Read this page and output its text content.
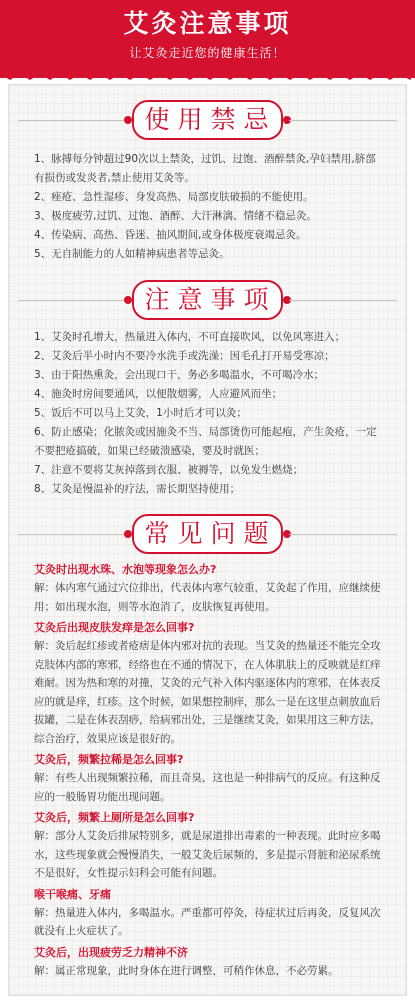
艾灸注意事项
让艾灸走近您的健康生活！
使用禁忌

1、脉搏每分钟超过90次以上禁灸，过饥、过饱、酒醉禁灸,孕妇禁用,脐部有损伤或发炎者,禁止使用艾灸等。

2、痤疮、急性湿疹、身发高热、局部皮肤破损的不能使用。

3、极度疲劳,过饥、过饱、酒醉、大汗淋漓、情绪不稳忌灸。

4、传染病、高热、昏迷、抽风期间,或身体极度衰竭忌灸。

5、无自制能力的人如精神病患者等忌灸。

注意事项

1、艾灸时孔增大，热量进入体内，不可直接吹风，以免风寒进入；

2、艾灸后半小时内不要冷水洗手或洗澡；因毛孔打开易受寒凉；

3、由于阳热熏灸，会出现口干，务必多喝温水，不可喝冷水；

4、施灸时房间要通风，以便散烟雾，人应避风而坐；

5、饭后不可以马上艾灸，1小时后才可以灸；

6、防止感染；化脓灸或因施灸不当、局部烫伤可能起疱，产生灸疮，一定不要把疮搞破，如果已经破溃感染，要及时就医；

7、注意不要将艾灰掉落到衣服、被褥等，以免发生燃烧；

8、艾灸是慢温补的疗法，需长期坚持使用；

常见问题
艾灸时出现水珠、水泡等现象怎么办?
解：体内寒气通过穴位排出，代表体内寒气较重，艾灸起了作用，应继续使用；如出现水泡，则等水泡消了，皮肤恢复再使用。
艾灸后出现皮肤发痒是怎么回事?
解：灸后起红疹或者疮痞是体内邪对抗的表现。当艾灸的热量还不能完全攻克肢体内部的寒邪，经络也在不通的情况下，在人体肌肤上的反映就是红痒难耐。因为热和寒的对撞，艾灸的元气补入体内驱逐体内的寒邪，在体表反应的就是痒，红疹。这个时候，如果想控制痒，那么一是在这里点刺放血后拔罐，二是在体表刮痧，给病邪出处，三是继续艾灸，如果用这三种方法，综合治疗，效果应该是很好的。
艾灸后，频繁拉稀是怎么回事?
解：有些人出现频繁拉稀，而且奇臭，这也是一种排病气的反应。有这种反应的一般肠胃功能出现问题。
艾灸后，频繁上厕所是怎么回事?
解：部分人艾灸后排尿特别多，就是尿道排出毒素的一种表现。此时应多喝水，这些现象就会慢慢消失，一般艾灸后尿频的，多是提示肾脏和泌尿系统不是很好，女性提示妇科会可能有问题。
喉干喉痛、牙痛
解：热量进入体内，多喝温水。严重都可停灸，待症状过后再灸，反复风次就没有上火症状了。
艾灸后，出现疲劳乏力精神不济
解：属正常现象，此时身体在进行调整，可稍作休息，不必劳累。
